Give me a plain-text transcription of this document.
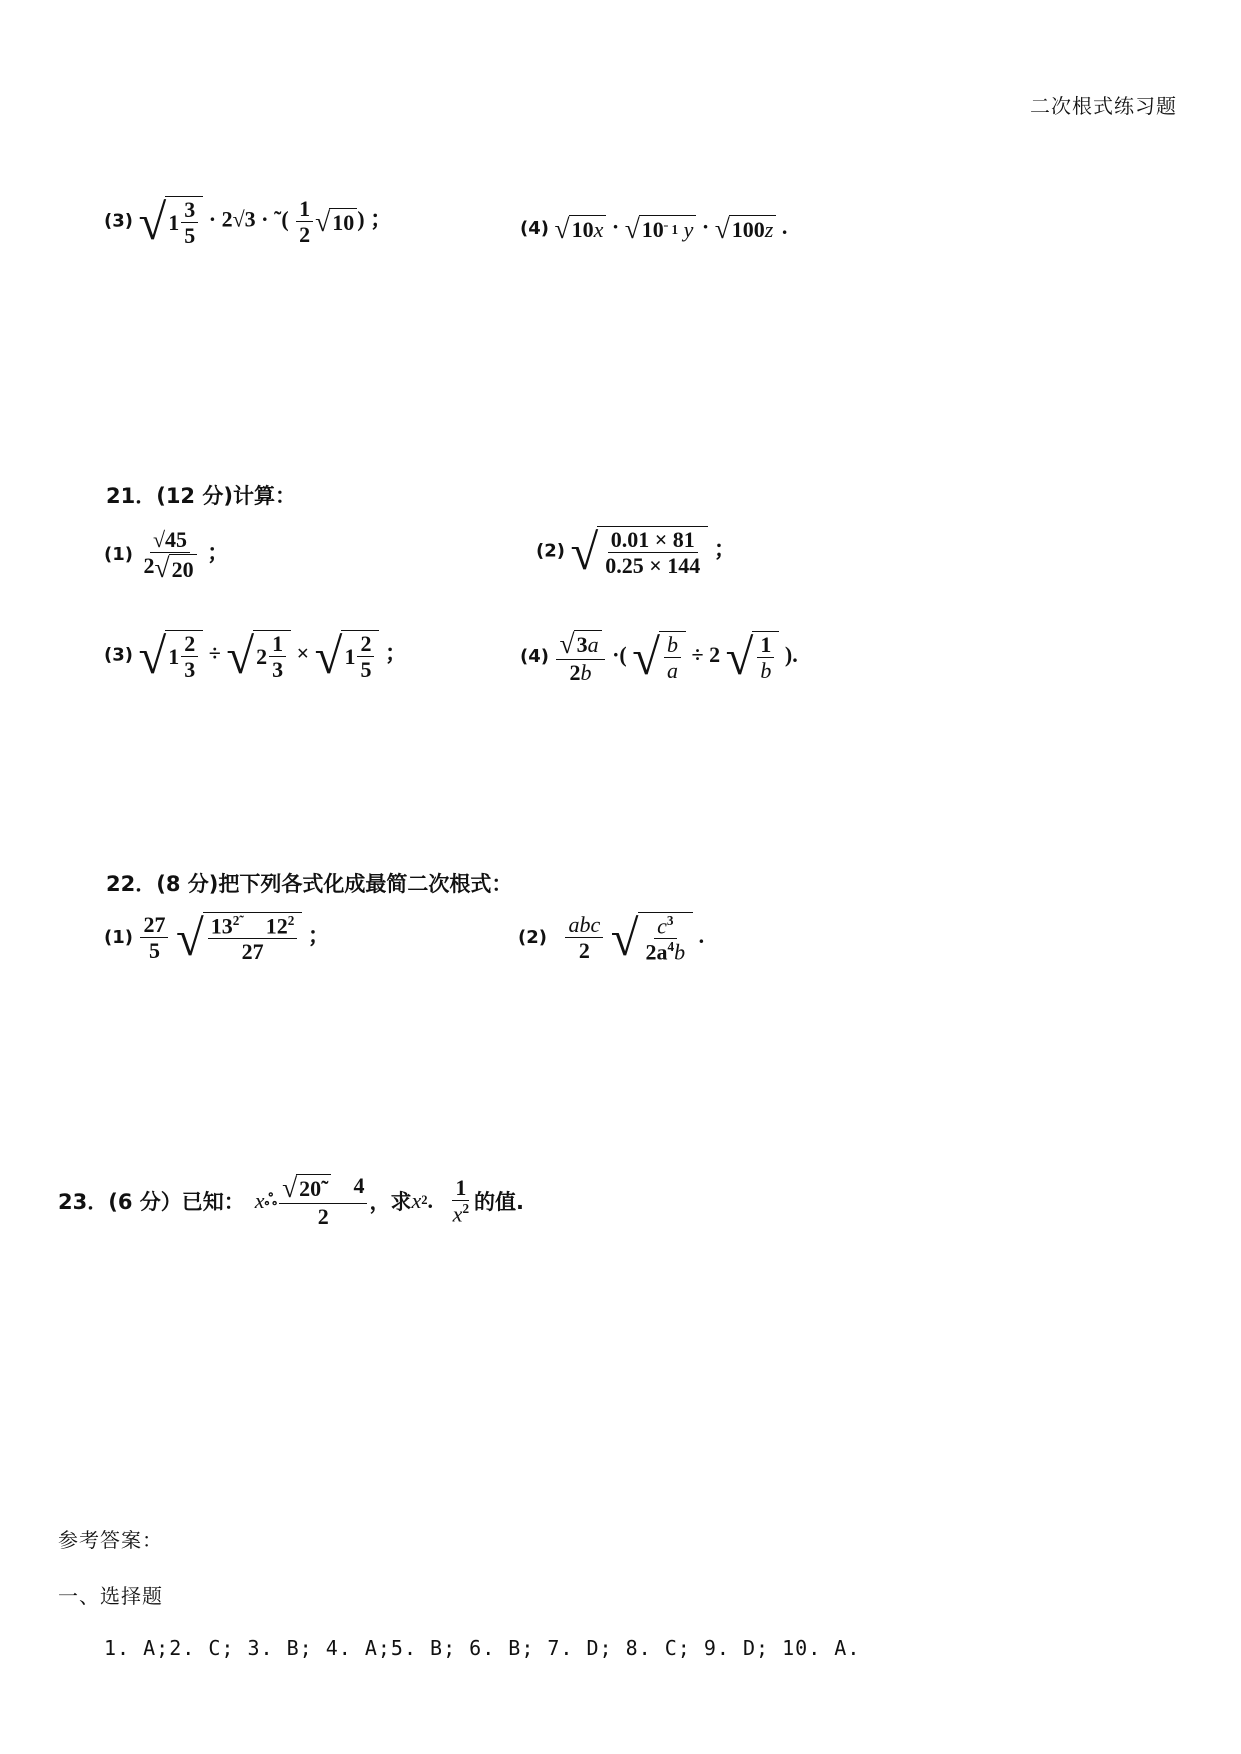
二次根式练习题
(3) √ $1 \frac{3}{5} \cdot 2√3$ · ˜( $\frac{1}{2}$ √ 10 ) ；	(4) √ 10 x · √ 10 ˉ 1
y · √ 100 z .
21．(12 分)计算：
$(1) \frac{√45}{2 √ 20}$ ；	(2) √ $\frac{0.01 \times 81}{0.25 \times 144}$ ；
(3) √ $1 \frac{2}{3}$ ÷ √ $2 \frac{1}{3}$ × √ $1 \frac{2}{5}$ ；	$(4) \frac{√ 3 a}{2b}$ ·( √ $\frac{b}{a} \div 2$ √ $\frac{1}{b}$ ).
22．(8 分)把下列各式化成最简二次根式：
$(1) \frac{27}{5}$
√ $\frac{13^{2˜} 12^2}{27}$ ；	$(2) \frac{\text{abc}}{2}$
√ $\frac{c^3}{2a^4b}$ .
23．(6 分）已知： x ஃ $\frac{√ 20 ˜ 4}{2}$ ，求 x 2 .
$\frac{1}{x^2}$ 的值.
参考答案：
一、选择题
1. A;2. C; 3. B; 4. A;5. B; 6. B; 7. D; 8. C; 9. D; 10. A.
